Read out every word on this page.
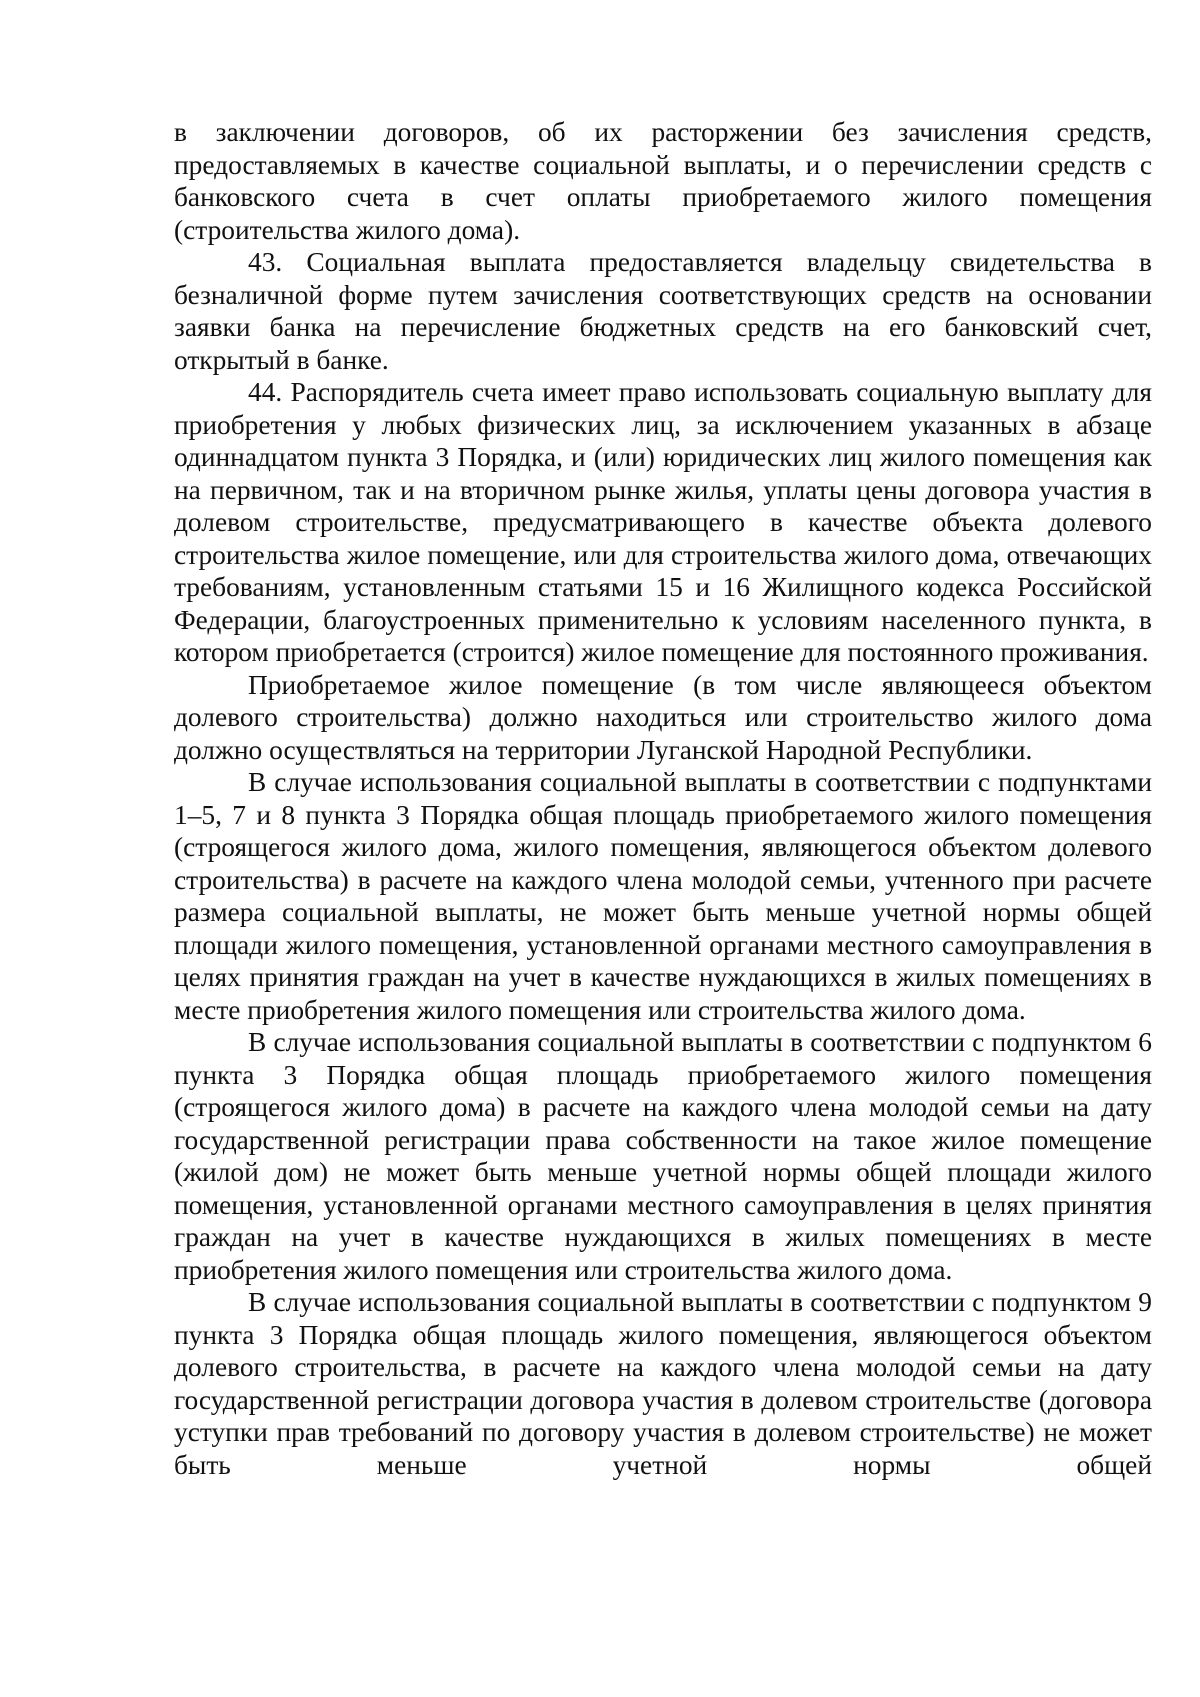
в заключении договоров, об их расторжении без зачисления средств, предоставляемых в качестве социальной выплаты, и о перечислении средств с банковского счета в счет оплаты приобретаемого жилого помещения (строительства жилого дома).

43. Социальная выплата предоставляется владельцу свидетельства в безналичной форме путем зачисления соответствующих средств на основании заявки банка на перечисление бюджетных средств на его банковский счет, открытый в банке.

44. Распорядитель счета имеет право использовать социальную выплату для приобретения у любых физических лиц, за исключением указанных в абзаце одиннадцатом пункта 3 Порядка, и (или) юридических лиц жилого помещения как на первичном, так и на вторичном рынке жилья, уплаты цены договора участия в долевом строительстве, предусматривающего в качестве объекта долевого строительства жилое помещение, или для строительства жилого дома, отвечающих требованиям, установленным статьями 15 и 16 Жилищного кодекса Российской Федерации, благоустроенных применительно к условиям населенного пункта, в котором приобретается (строится) жилое помещение для постоянного проживания.

Приобретаемое жилое помещение (в том числе являющееся объектом долевого строительства) должно находиться или строительство жилого дома должно осуществляться на территории Луганской Народной Республики.

В случае использования социальной выплаты в соответствии с подпунктами 1–5, 7 и 8 пункта 3 Порядка общая площадь приобретаемого жилого помещения (строящегося жилого дома, жилого помещения, являющегося объектом долевого строительства) в расчете на каждого члена молодой семьи, учтенного при расчете размера социальной выплаты, не может быть меньше учетной нормы общей площади жилого помещения, установленной органами местного самоуправления в целях принятия граждан на учет в качестве нуждающихся в жилых помещениях в месте приобретения жилого помещения или строительства жилого дома.

В случае использования социальной выплаты в соответствии с подпунктом 6 пункта 3 Порядка общая площадь приобретаемого жилого помещения (строящегося жилого дома) в расчете на каждого члена молодой семьи на дату государственной регистрации права собственности на такое жилое помещение (жилой дом) не может быть меньше учетной нормы общей площади жилого помещения, установленной органами местного самоуправления в целях принятия граждан на учет в качестве нуждающихся в жилых помещениях в месте приобретения жилого помещения или строительства жилого дома.

В случае использования социальной выплаты в соответствии с подпунктом 9 пункта 3 Порядка общая площадь жилого помещения, являющегося объектом долевого строительства, в расчете на каждого члена молодой семьи на дату государственной регистрации договора участия в долевом строительстве (договора уступки прав требований по договору участия в долевом строительстве) не может быть меньше учетной нормы общей
